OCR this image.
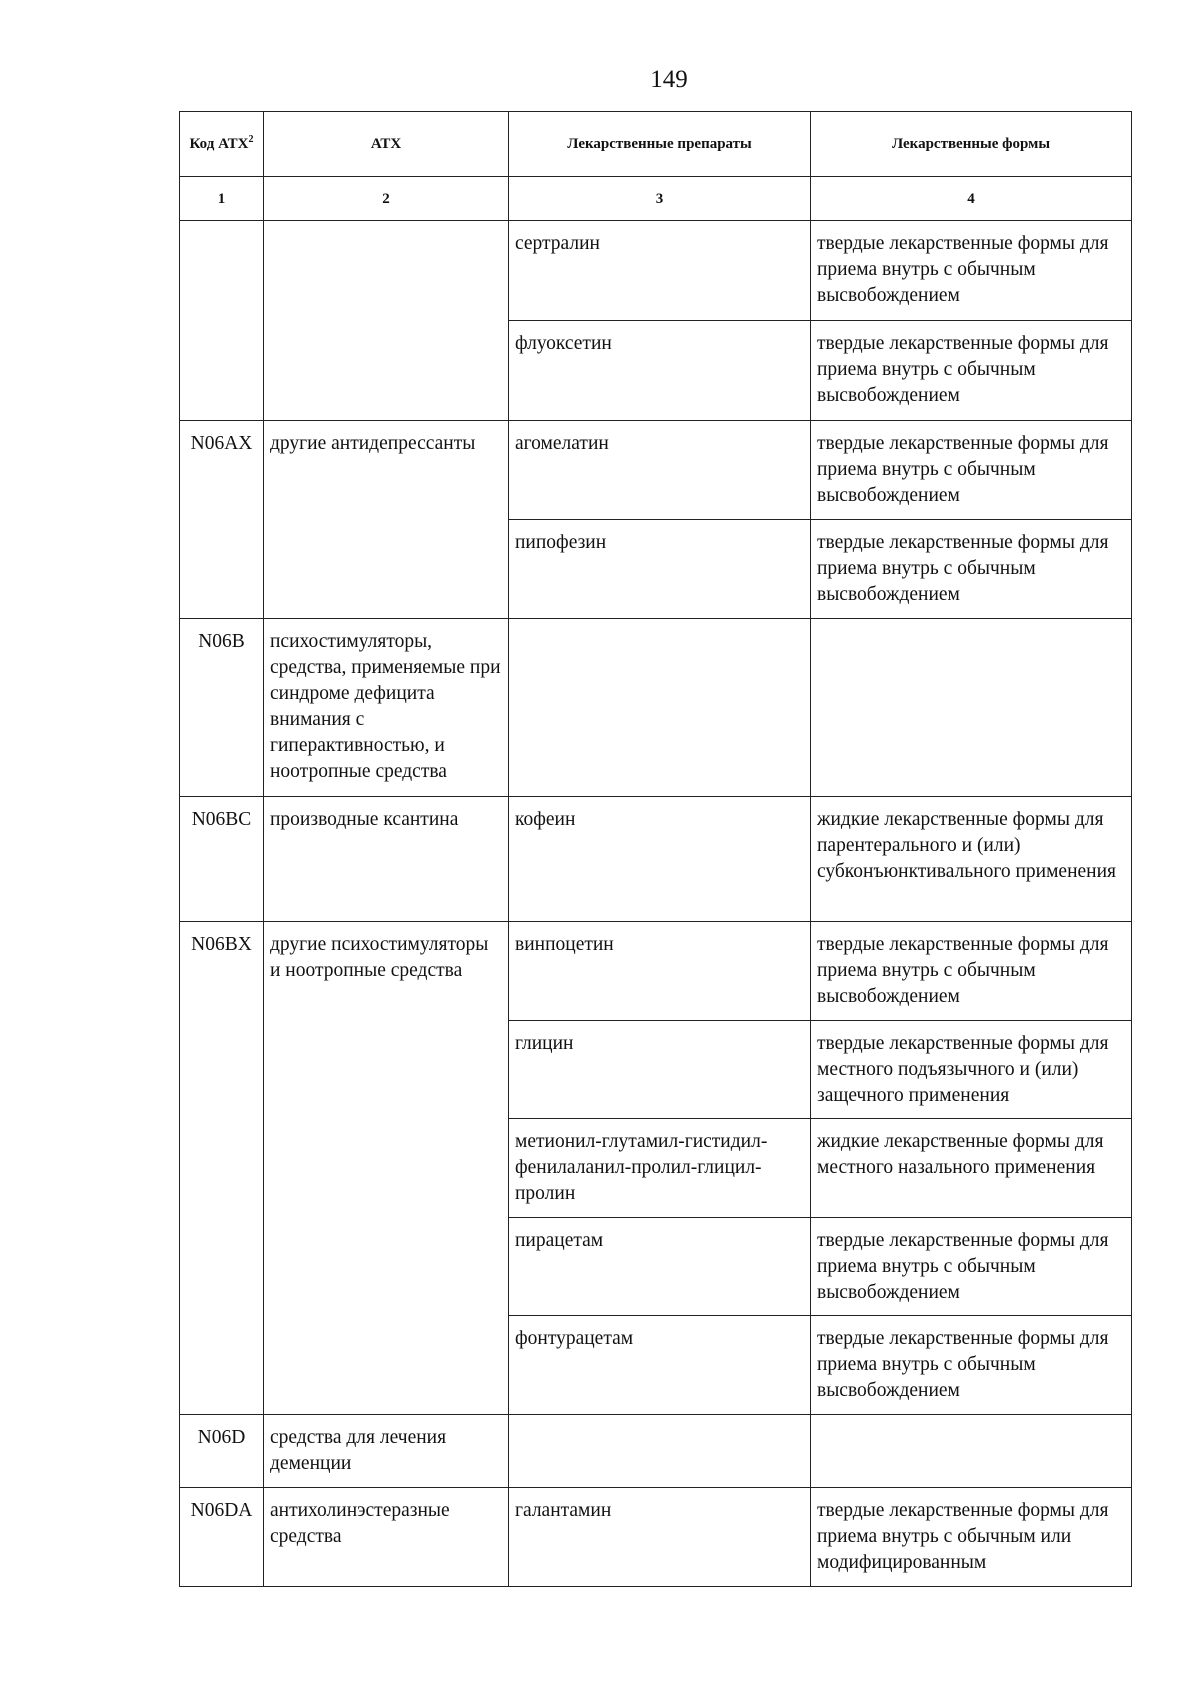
149
Код АТХ$^2$	АТХ	Лекарственные препараты	Лекарственные формы
1	2	3	4
		сертралин	твердые лекарственные формы для приема внутрь с обычным высвобождением
		флуоксетин	твердые лекарственные формы для приема внутрь с обычным высвобождением
N06AX	другие антидепрессанты	агомелатин	твердые лекарственные формы для приема внутрь с обычным высвобождением
		пипофезин	твердые лекарственные формы для приема внутрь с обычным высвобождением
N06B	психостимуляторы, средства, применяемые при синдроме дефицита внимания с гиперактивностью, и ноотропные средства		
N06BC	производные ксантина	кофеин	жидкие лекарственные формы для парентерального и (или) субконъюнктивального применения
N06BX	другие психостимуляторы и ноотропные средства	винпоцетин	твердые лекарственные формы для приема внутрь с обычным высвобождением
		глицин	твердые лекарственные формы для местного подъязычного и (или) защечного применения
		метионил-глутамил-гистидил-фенилаланил-пролил-глицил-пролин	жидкие лекарственные формы для местного назального применения
		пирацетам	твердые лекарственные формы для приема внутрь с обычным высвобождением
		фонтурацетам	твердые лекарственные формы для приема внутрь с обычным высвобождением
N06D	средства для лечения деменции		
N06DA	антихолинэстеразные средства	галантамин	твердые лекарственные формы для приема внутрь с обычным или модифицированным
